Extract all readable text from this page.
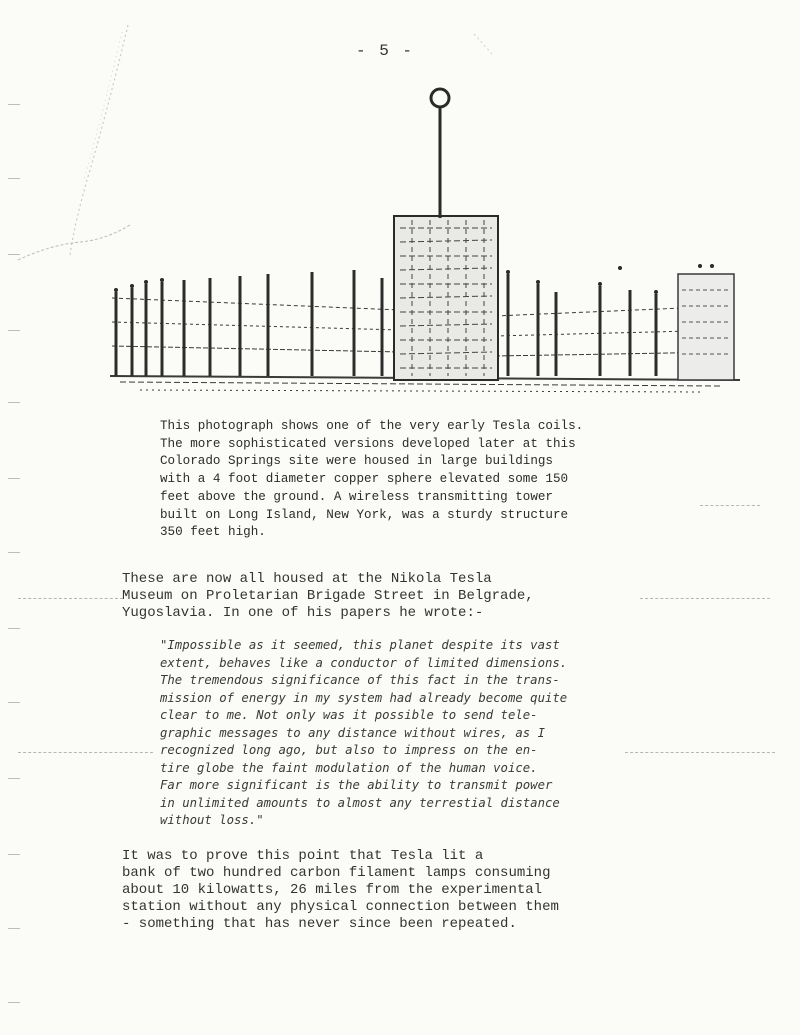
- 5 -
This photograph shows one of the very early Tesla coils.
The more sophisticated versions developed later at this
Colorado Springs site were housed in large buildings
with a 4 foot diameter copper sphere elevated some 150
feet above the ground. A wireless transmitting tower
built on Long Island, New York, was a sturdy structure
350 feet high.
These are now all housed at the Nikola Tesla
Museum on Proletarian Brigade Street in Belgrade,
Yugoslavia. In one of his papers he wrote:-
"Impossible as it seemed, this planet despite its vast
extent, behaves like a conductor of limited dimensions.
The tremendous significance of this fact in the trans-
mission of energy in my system had already become quite
clear to me. Not only was it possible to send tele-
graphic messages to any distance without wires, as I
recognized long ago, but also to impress on the en-
tire globe the faint modulation of the human voice.
Far more significant is the ability to transmit power
in unlimited amounts to almost any terrestial distance
without loss."
It was to prove this point that Tesla lit a
bank of two hundred carbon filament lamps consuming
about 10 kilowatts, 26 miles from the experimental
station without any physical connection between them
- something that has never since been repeated.
